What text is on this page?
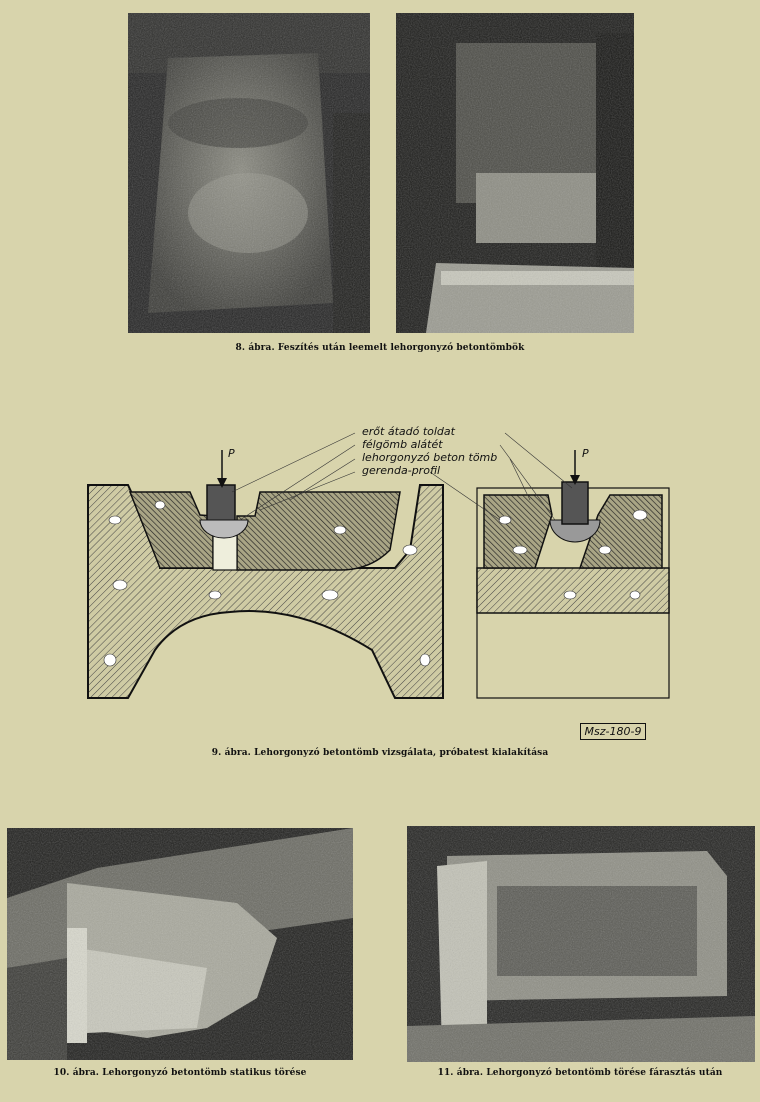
8. ábra. Feszítés után leemelt lehorgonyzó betontömbök
P	P
erőt átadó toldat
félgömb alátét
lehorgonyzó beton tömb
gerenda-profil
Msz-180-9
9. ábra. Lehorgonyzó betontömb vizsgálata, próbatest kialakítása
10. ábra. Lehorgonyzó betontömb statikus törése	11. ábra. Lehorgonyzó betontömb törése fárasztás után
